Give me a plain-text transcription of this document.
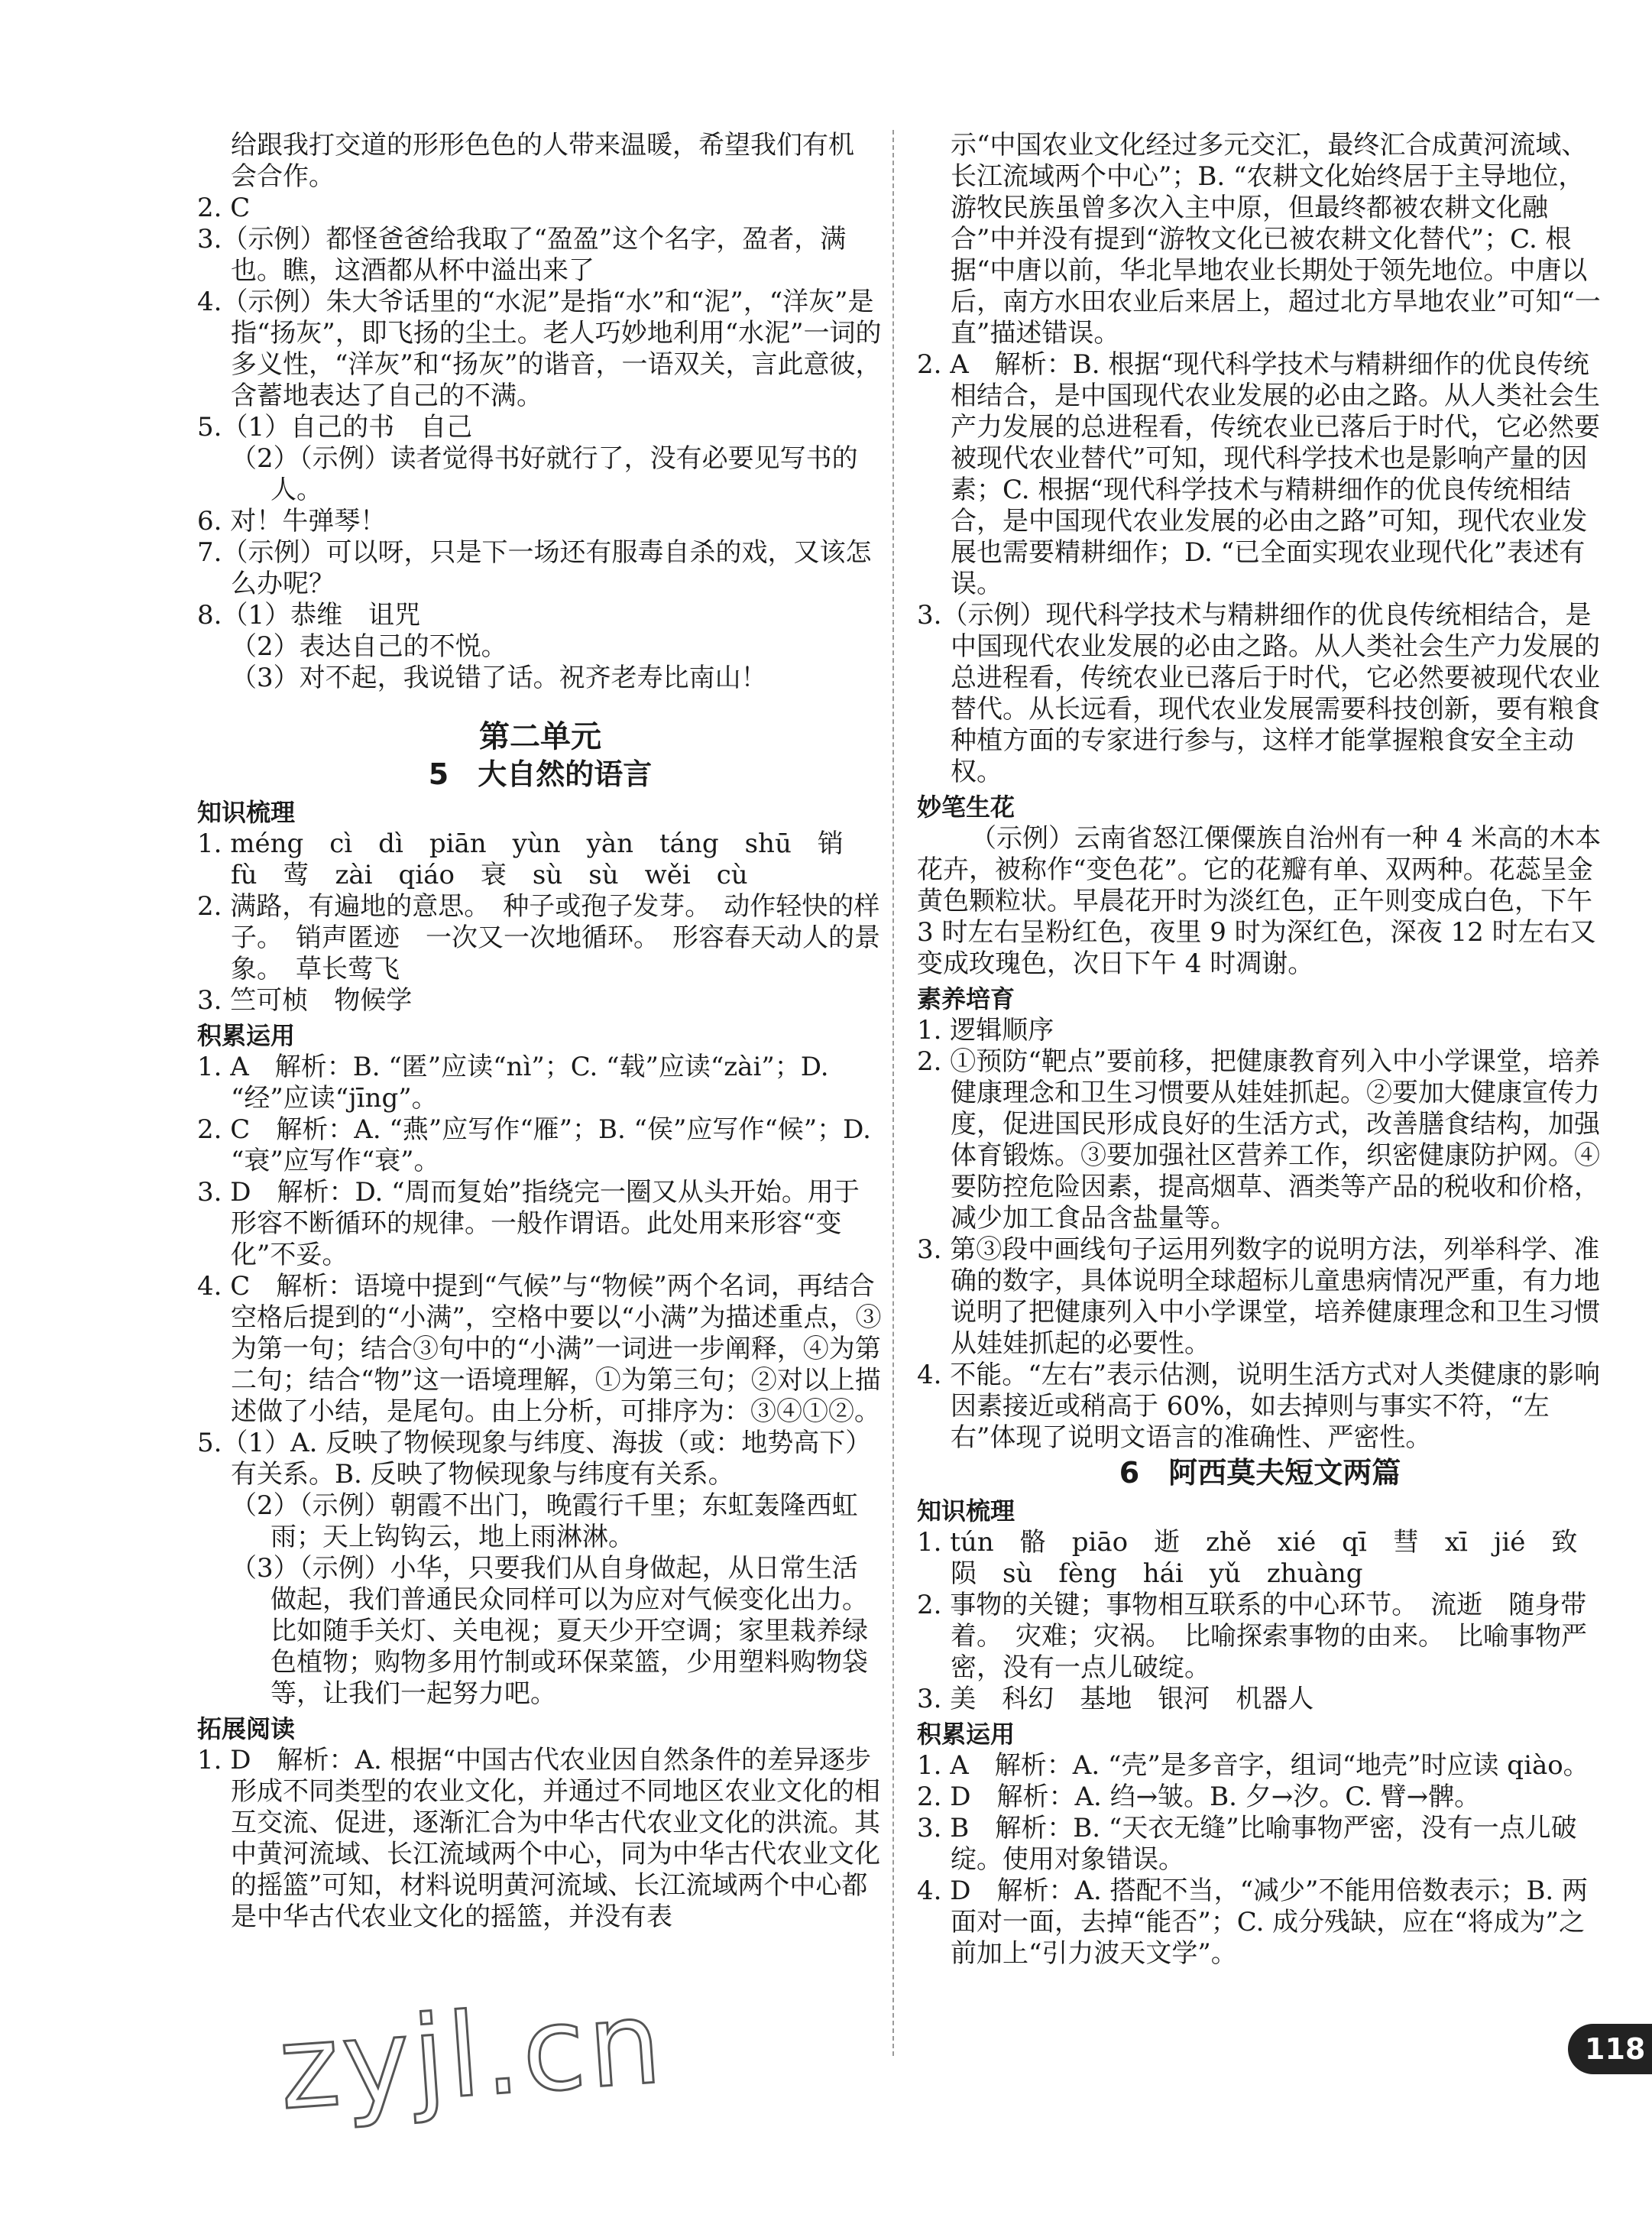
给跟我打交道的形形色色的人带来温暖，希望我们有机

会合作。

2. C

3.（示例）都怪爸爸给我取了“盈盈”这个名字，盈者，满也。瞧，这酒都从杯中溢出来了

4.（示例）朱大爷话里的“水泥”是指“水”和“泥”，“洋灰”是指“扬灰”，即飞扬的尘土。老人巧妙地利用“水泥”一词的多义性，“洋灰”和“扬灰”的谐音，一语双关，言此意彼，含蓄地表达了自己的不满。

5.（1）自己的书　自己

（2）（示例）读者觉得书好就行了，没有必要见写书的人。

6. 对！牛弹琴！

7.（示例）可以呀，只是下一场还有服毒自杀的戏，又该怎么办呢？

8.（1）恭维　诅咒

（2）表达自己的不悦。

（3）对不起，我说错了话。祝齐老寿比南山！

第二单元
5　大自然的语言
知识梳理

1. méng　cì　dì　piān　yùn　yàn　táng　shū　销　fù　莺　zài　qiáo　衰　sù　sù　wěi　cù

2. 满路，有遍地的意思。　种子或孢子发芽。　动作轻快的样子。　销声匿迹　一次又一次地循环。　形容春天动人的景象。　草长莺飞

3. 竺可桢　物候学

积累运用

1. A　解析：B. “匿”应读“nì”；C. “载”应读“zài”；D. “经”应读“jīng”。

2. C　解析：A. “燕”应写作“雁”；B. “侯”应写作“候”；D. “衰”应写作“衰”。

3. D　解析：D. “周而复始”指绕完一圈又从头开始。用于形容不断循环的规律。一般作谓语。此处用来形容“变化”不妥。

4. C　解析：语境中提到“气候”与“物候”两个名词，再结合空格后提到的“小满”，空格中要以“小满”为描述重点，③为第一句；结合③句中的“小满”一词进一步阐释，④为第二句；结合“物”这一语境理解，①为第三句；②对以上描述做了小结，是尾句。由上分析，可排序为：③④①②。

5.（1）A. 反映了物候现象与纬度、海拔（或：地势高下）有关系。B. 反映了物候现象与纬度有关系。

（2）（示例）朝霞不出门，晚霞行千里；东虹轰隆西虹雨；天上钩钩云，地上雨淋淋。

（3）（示例）小华，只要我们从自身做起，从日常生活做起，我们普通民众同样可以为应对气候变化出力。比如随手关灯、关电视；夏天少开空调；家里栽养绿色植物；购物多用竹制或环保菜篮，少用塑料购物袋等，让我们一起努力吧。

拓展阅读

1. D　解析：A. 根据“中国古代农业因自然条件的差异逐步形成不同类型的农业文化，并通过不同地区农业文化的相互交流、促进，逐渐汇合为中华古代农业文化的洪流。其中黄河流域、长江流域两个中心，同为中华古代农业文化的摇篮”可知，材料说明黄河流域、长江流域两个中心都是中华古代农业文化的摇篮，并没有表

示“中国农业文化经过多元交汇，最终汇合成黄河流域、长江流域两个中心”；B. “农耕文化始终居于主导地位，游牧民族虽曾多次入主中原，但最终都被农耕文化融合”中并没有提到“游牧文化已被农耕文化替代”；C. 根据“中唐以前，华北旱地农业长期处于领先地位。中唐以后，南方水田农业后来居上，超过北方旱地农业”可知“一直”描述错误。

2. A　解析：B. 根据“现代科学技术与精耕细作的优良传统相结合，是中国现代农业发展的必由之路。从人类社会生产力发展的总进程看，传统农业已落后于时代，它必然要被现代农业替代”可知，现代科学技术也是影响产量的因素；C. 根据“现代科学技术与精耕细作的优良传统相结合，是中国现代农业发展的必由之路”可知，现代农业发展也需要精耕细作；D. “已全面实现农业现代化”表述有误。

3.（示例）现代科学技术与精耕细作的优良传统相结合，是中国现代农业发展的必由之路。从人类社会生产力发展的总进程看，传统农业已落后于时代，它必然要被现代农业替代。从长远看，现代农业发展需要科技创新，要有粮食种植方面的专家进行参与，这样才能掌握粮食安全主动权。

妙笔生花

（示例）云南省怒江傈僳族自治州有一种 4 米高的木本花卉，被称作“变色花”。它的花瓣有单、双两种。花蕊呈金黄色颗粒状。早晨花开时为淡红色，正午则变成白色，下午 3 时左右呈粉红色，夜里 9 时为深红色，深夜 12 时左右又变成玫瑰色，次日下午 4 时凋谢。

素养培育

1. 逻辑顺序

2. ①预防“靶点”要前移，把健康教育列入中小学课堂，培养健康理念和卫生习惯要从娃娃抓起。②要加大健康宣传力度，促进国民形成良好的生活方式，改善膳食结构，加强体育锻炼。③要加强社区营养工作，织密健康防护网。④要防控危险因素，提高烟草、酒类等产品的税收和价格，减少加工食品含盐量等。

3. 第③段中画线句子运用列数字的说明方法，列举科学、准确的数字，具体说明全球超标儿童患病情况严重，有力地说明了把健康列入中小学课堂，培养健康理念和卫生习惯从娃娃抓起的必要性。

4. 不能。“左右”表示估测，说明生活方式对人类健康的影响因素接近或稍高于 60%，如去掉则与事实不符，“左右”体现了说明文语言的准确性、严密性。

6　阿西莫夫短文两篇
知识梳理

1. tún　骼　piāo　逝　zhě　xié　qī　彗　xī　jié　致　陨　sù　fèng　hái　yǔ　zhuàng

2. 事物的关键；事物相互联系的中心环节。　流逝　随身带着。　灾难；灾祸。　比喻探索事物的由来。　比喻事物严密，没有一点儿破绽。

3. 美　科幻　基地　银河　机器人

积累运用

1. A　解析：A. “壳”是多音字，组词“地壳”时应读 qiào。

2. D　解析：A. 绉→皱。B. 夕→汐。C. 臂→髀。

3. B　解析：B. “天衣无缝”比喻事物严密，没有一点儿破绽。使用对象错误。

4. D　解析：A. 搭配不当，“减少”不能用倍数表示；B. 两面对一面，去掉“能否”；C. 成分残缺，应在“将成为”之前加上“引力波天文学”。

zyjl.cn	118
